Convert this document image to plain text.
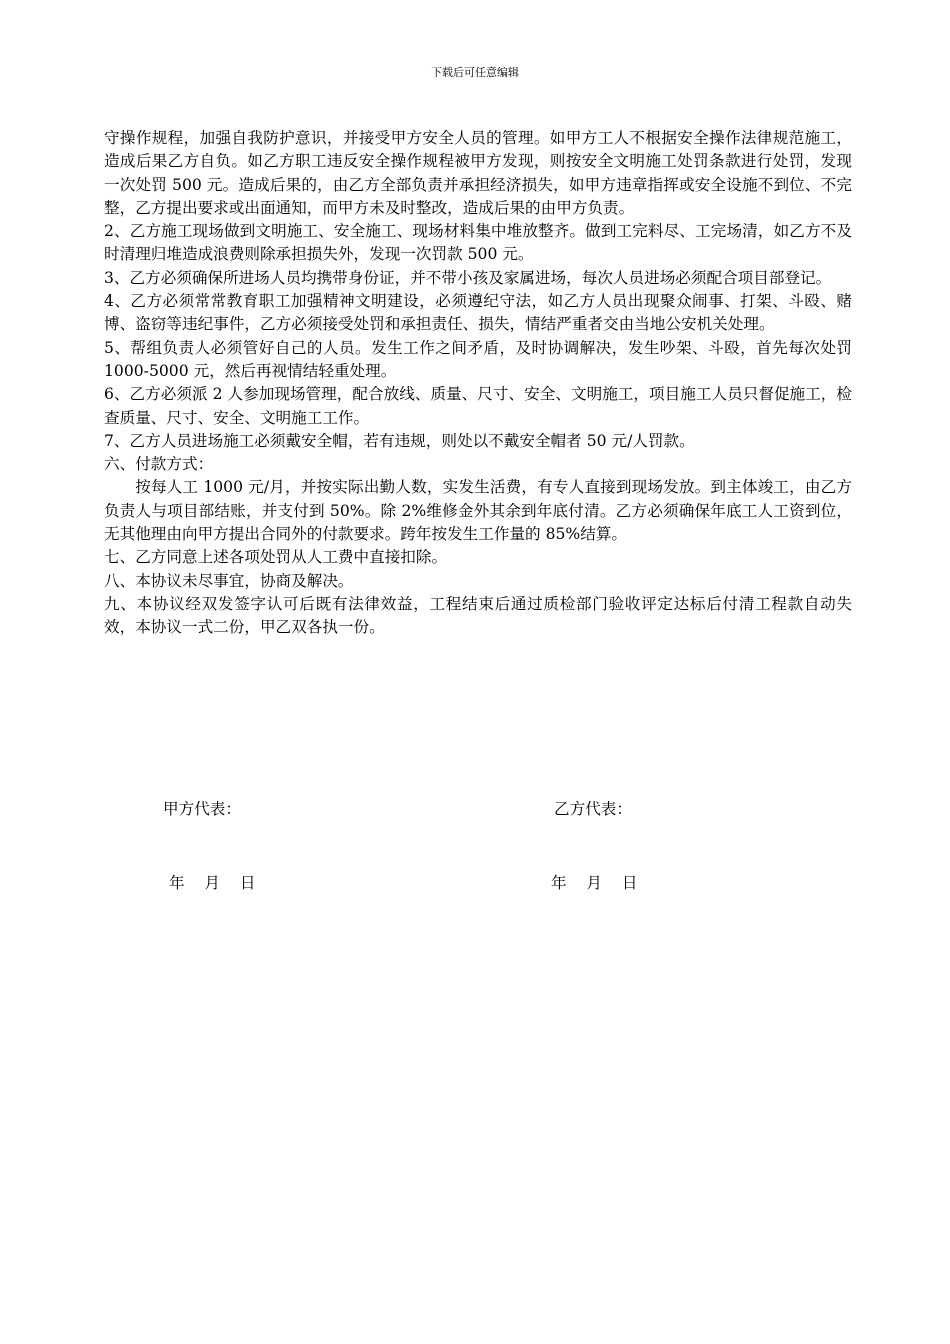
下载后可任意编辑

守操作规程，加强自我防护意识，并接受甲方安全人员的管理。如甲方工人不根据安全操作法律规范施工，造成后果乙方自负。如乙方职工违反安全操作规程被甲方发现，则按安全文明施工处罚条款进行处罚，发现一次处罚 500 元。造成后果的，由乙方全部负责并承担经济损失，如甲方违章指挥或安全设施不到位、不完整，乙方提出要求或出面通知，而甲方未及时整改，造成后果的由甲方负责。

2、乙方施工现场做到文明施工、安全施工、现场材料集中堆放整齐。做到工完料尽、工完场清，如乙方不及时清理归堆造成浪费则除承担损失外，发现一次罚款 500 元。

3、乙方必须确保所进场人员均携带身份证，并不带小孩及家属进场，每次人员进场必须配合项目部登记。

4、乙方必须常常教育职工加强精神文明建设，必须遵纪守法，如乙方人员出现聚众闹事、打架、斗殴、赌博、盗窃等违纪事件，乙方必须接受处罚和承担责任、损失，情结严重者交由当地公安机关处理。

5、帮组负责人必须管好自己的人员。发生工作之间矛盾，及时协调解决，发生吵架、斗殴，首先每次处罚 1000-5000 元，然后再视情结轻重处理。

6、乙方必须派 2 人参加现场管理，配合放线、质量、尺寸、安全、文明施工，项目施工人员只督促施工，检查质量、尺寸、安全、文明施工工作。

7、乙方人员进场施工必须戴安全帽，若有违规，则处以不戴安全帽者 50 元/人罚款。

六、付款方式：

按每人工 1000 元/月，并按实际出勤人数，实发生活费，有专人直接到现场发放。到主体竣工，由乙方负责人与项目部结账，并支付到 50%。除 2%维修金外其余到年底付清。乙方必须确保年底工人工资到位，无其他理由向甲方提出合同外的付款要求。跨年按发生工作量的 85%结算。

七、乙方同意上述各项处罚从人工费中直接扣除。

八、本协议未尽事宜，协商及解决。

九、本协议经双发签字认可后既有法律效益，工程结束后通过质检部门验收评定达标后付清工程款自动失效，本协议一式二份，甲乙双各执一份。

甲方代表：	乙方代表：
年    月    日	年    月    日
